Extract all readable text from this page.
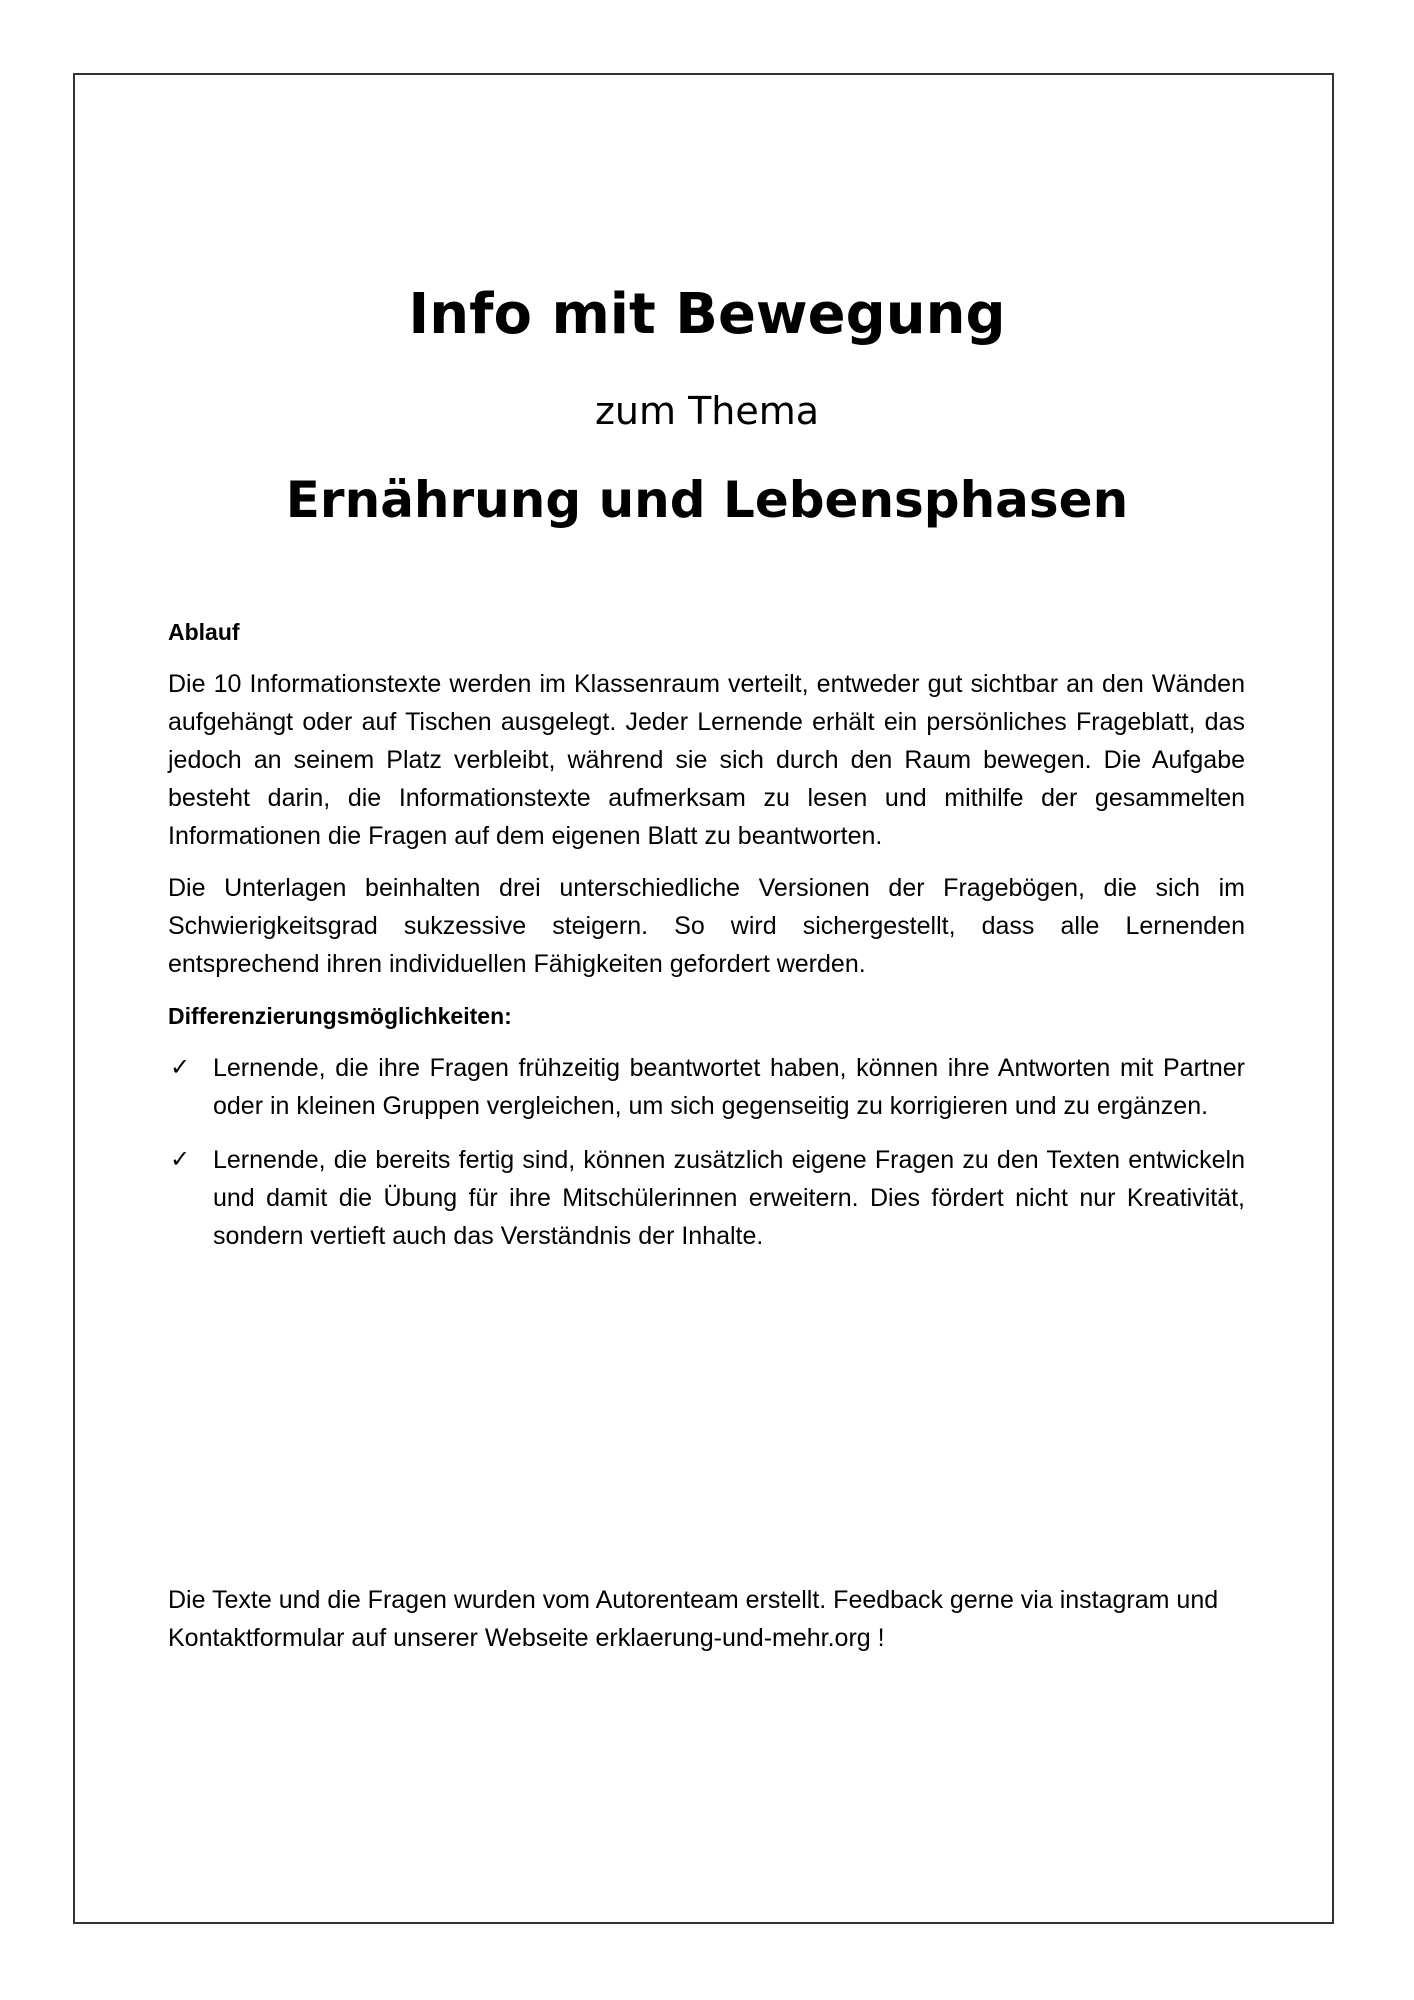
Info mit Bewegung

zum Thema

Ernährung und Lebensphasen
Ablauf

Die 10 Informationstexte werden im Klassenraum verteilt, entweder gut sichtbar an den Wänden aufgehängt oder auf Tischen ausgelegt. Jeder Lernende erhält ein persönliches Frageblatt, das jedoch an seinem Platz verbleibt, während sie sich durch den Raum bewegen. Die Aufgabe besteht darin, die Informationstexte aufmerksam zu lesen und mithilfe der gesammelten Informationen die Fragen auf dem eigenen Blatt zu beantworten.

Die Unterlagen beinhalten drei unterschiedliche Versionen der Fragebögen, die sich im Schwierigkeitsgrad sukzessive steigern. So wird sichergestellt, dass alle Lernenden entsprechend ihren individuellen Fähigkeiten gefordert werden.

Differenzierungsmöglichkeiten:
✓ Lernende, die ihre Fragen frühzeitig beantwortet haben, können ihre Antworten mit Partner oder in kleinen Gruppen vergleichen, um sich gegenseitig zu korrigieren und zu ergänzen.
✓ Lernende, die bereits fertig sind, können zusätzlich eigene Fragen zu den Texten entwickeln und damit die Übung für ihre Mitschülerinnen erweitern. Dies fördert nicht nur Kreativität, sondern vertieft auch das Verständnis der Inhalte.

Die Texte und die Fragen wurden vom Autorenteam erstellt. Feedback gerne via instagram und Kontaktformular auf unserer Webseite erklaerung-und-mehr.org !
